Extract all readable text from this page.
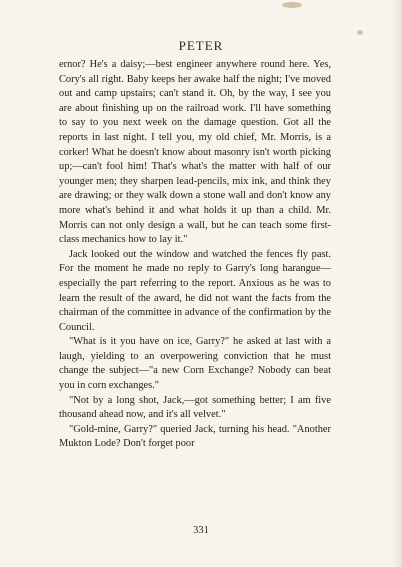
PETER

ernor? He's a daisy;—best engineer anywhere round here. Yes, Cory's all right. Baby keeps her awake half the night; I've moved out and camp upstairs; can't stand it. Oh, by the way, I see you are about finishing up on the railroad work. I'll have something to say to you next week on the damage question. Got all the reports in last night. I tell you, my old chief, Mr. Morris, is a corker! What he doesn't know about masonry isn't worth picking up;—can't fool him! That's what's the matter with half of our younger men; they sharpen lead-pencils, mix ink, and think they are drawing; or they walk down a stone wall and don't know any more what's behind it and what holds it up than a child. Mr. Morris can not only design a wall, but he can teach some first-class mechanics how to lay it."

Jack looked out the window and watched the fences fly past. For the moment he made no reply to Garry's long harangue—especially the part referring to the report. Anxious as he was to learn the result of the award, he did not want the facts from the chairman of the committee in advance of the confirmation by the Council.

"What is it you have on ice, Garry?" he asked at last with a laugh, yielding to an overpowering conviction that he must change the subject—"a new Corn Exchange? Nobody can beat you in corn exchanges."

"Not by a long shot, Jack,—got something better; I am five thousand ahead now, and it's all velvet."

"Gold-mine, Garry?" queried Jack, turning his head. "Another Mukton Lode? Don't forget poor

331
